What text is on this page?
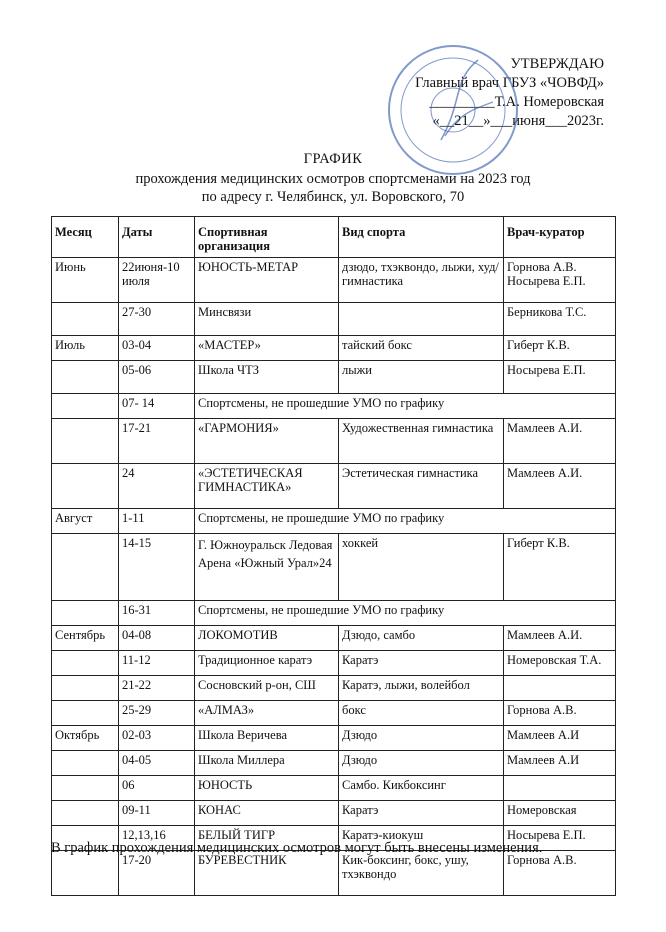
УТВЕРЖДАЮ
Главный врач ГБУЗ «ЧОВФД»
_________Т.А. Номеровская
«__21__»___июня___2023г.
ГРАФИК
прохождения медицинских осмотров спортсменами на 2023 год
по адресу г. Челябинск, ул. Воровского, 70
Месяц	Даты	Спортивная организация	Вид спорта	Врач-куратор
Июнь	22июня-10 июля	ЮНОСТЬ-МЕТАР	дзюдо, тхэквондо, лыжи, худ/гимнастика	Горнова А.В. Носырева Е.П.
	27-30	Минсвязи		Берникова Т.С.
Июль	03-04	«МАСТЕР»	тайский бокс	Гиберт К.В.
	05-06	Школа ЧТЗ	лыжи	Носырева Е.П.
	07- 14	Спортсмены, не прошедшие УМО по графику		
	17-21	«ГАРМОНИЯ»	Художественная гимнастика	Мамлеев А.И.
	24	«ЭСТЕТИЧЕСКАЯ ГИМНАСТИКА»	Эстетическая гимнастика	Мамлеев А.И.
Август	1-11	Спортсмены, не прошедшие УМО по графику		
	14-15	Г. Южноуральск Ледовая Арена «Южный Урал»24	хоккей	Гиберт К.В.
	16-31	Спортсмены, не прошедшие УМО по графику		
Сентябрь	04-08	ЛОКОМОТИВ	Дзюдо, самбо	Мамлеев А.И.
	11-12	Традиционное каратэ	Каратэ	Номеровская Т.А.
	21-22	Сосновский р-он, СШ	Каратэ, лыжи, волейбол	
	25-29	«АЛМАЗ»	бокс	Горнова А.В.
Октябрь	02-03	Школа Веричева	Дзюдо	Мамлеев А.И
	04-05	Школа Миллера	Дзюдо	Мамлеев А.И
	06	ЮНОСТЬ	Самбо. Кикбоксинг	
	09-11	КОНАС	Каратэ	Номеровская
	12,13,16	БЕЛЫЙ ТИГР	Каратэ-киокуш	Носырева Е.П.
	17-20	БУРЕВЕСТНИК	Кик-боксинг, бокс, ушу, тхэквондо	Горнова А.В.
В график прохождения медицинских осмотров могут быть внесены изменения.
